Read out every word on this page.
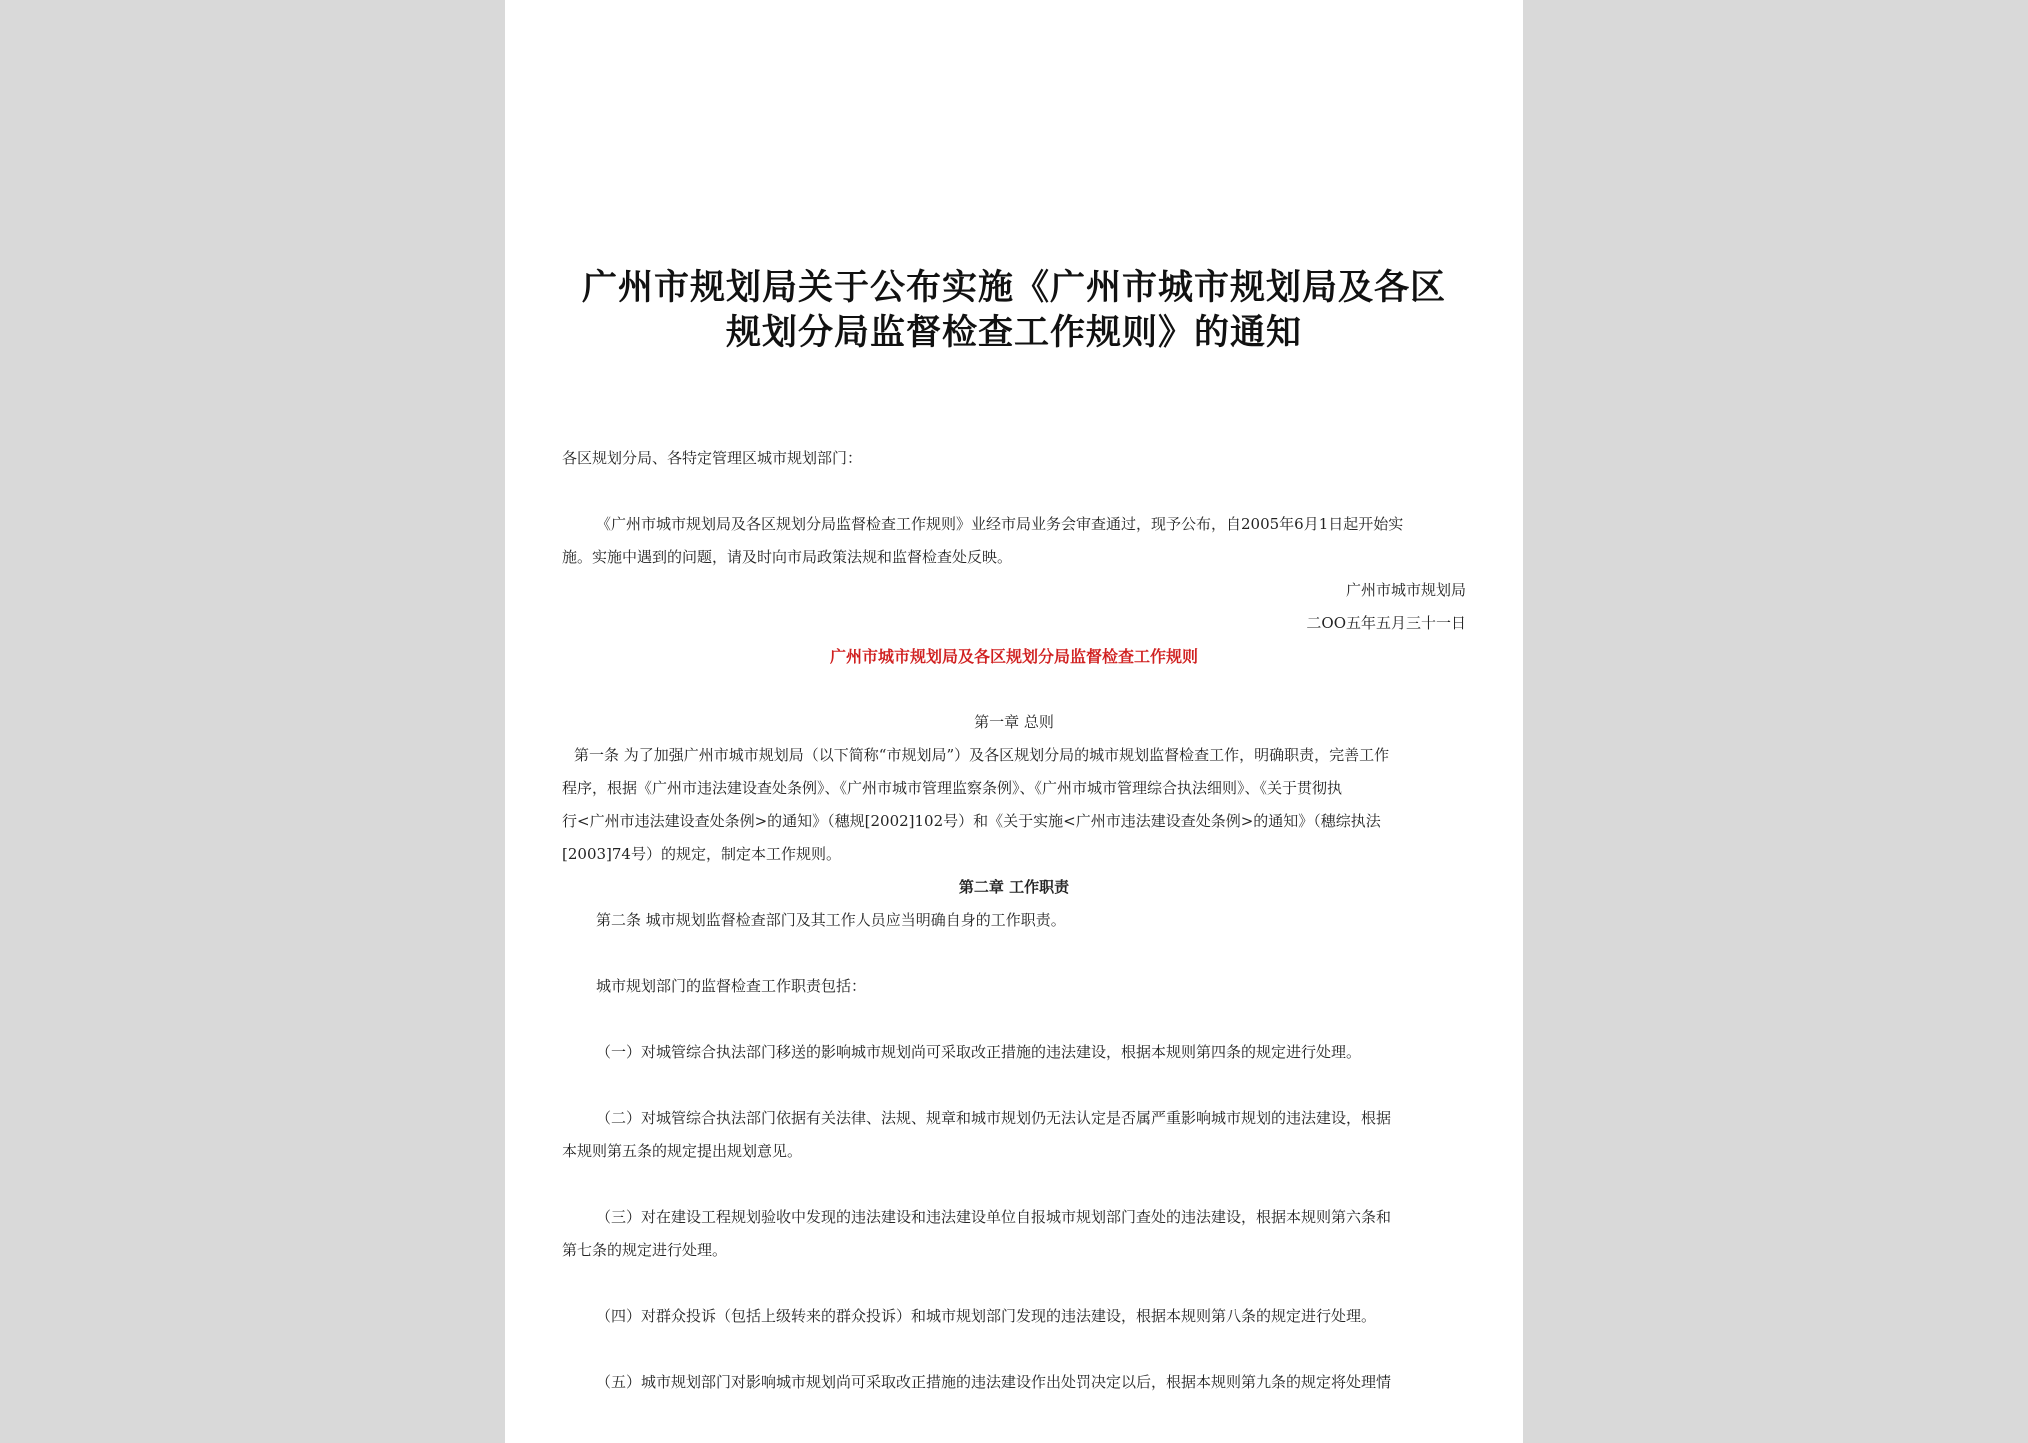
广州市规划局关于公布实施《广州市城市规划局及各区
规划分局监督检查工作规则》的通知

各区规划分局、各特定管理区城市规划部门：

《广州市城市规划局及各区规划分局监督检查工作规则》业经市局业务会审查通过，现予公布，自2005年6月1日起开始实

施。实施中遇到的问题，请及时向市局政策法规和监督检查处反映。

广州市城市规划局

二OO五年五月三十一日

广州市城市规划局及各区规划分局监督检查工作规则

第一章 总则

第一条 为了加强广州市城市规划局（以下简称“市规划局”）及各区规划分局的城市规划监督检查工作，明确职责，完善工作

程序，根据《广州市违法建设查处条例》、《广州市城市管理监察条例》、《广州市城市管理综合执法细则》、《关于贯彻执

行<广州市违法建设查处条例>的通知》（穗规[2002]102号）和《关于实施<广州市违法建设查处条例>的通知》（穗综执法

[2003]74号）的规定，制定本工作规则。

第二章 工作职责

第二条 城市规划监督检查部门及其工作人员应当明确自身的工作职责。

城市规划部门的监督检查工作职责包括：

（一）对城管综合执法部门移送的影响城市规划尚可采取改正措施的违法建设，根据本规则第四条的规定进行处理。

（二）对城管综合执法部门依据有关法律、法规、规章和城市规划仍无法认定是否属严重影响城市规划的违法建设，根据

本规则第五条的规定提出规划意见。

（三）对在建设工程规划验收中发现的违法建设和违法建设单位自报城市规划部门查处的违法建设，根据本规则第六条和

第七条的规定进行处理。

（四）对群众投诉（包括上级转来的群众投诉）和城市规划部门发现的违法建设，根据本规则第八条的规定进行处理。

（五）城市规划部门对影响城市规划尚可采取改正措施的违法建设作出处罚决定以后，根据本规则第九条的规定将处理情
